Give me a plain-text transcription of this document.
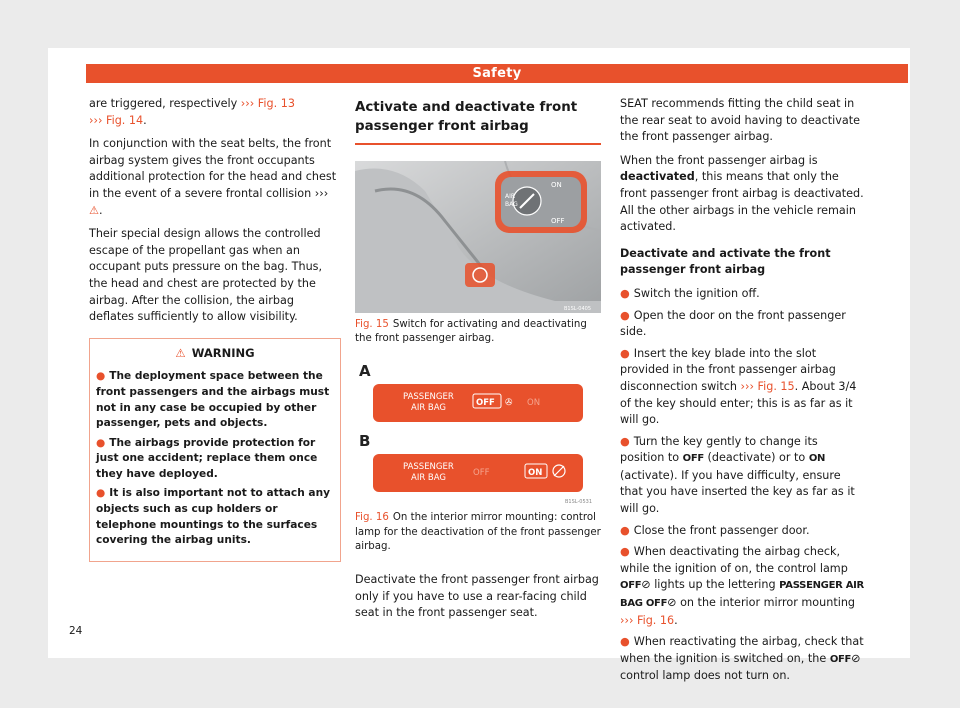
Safety

are triggered, respectively ››› Fig. 13
››› Fig. 14.

In conjunction with the seat belts, the front airbag system gives the front occupants additional protection for the head and chest in the event of a severe frontal collision ››› ⚠.

Their special design allows the controlled escape of the propellant gas when an occupant puts pressure on the bag. Thus, the head and chest are protected by the airbag. After the collision, the airbag deflates sufficiently to allow visibility.

⚠ WARNING
● The deployment space between the front passengers and the airbags must not in any case be occupied by other passenger, pets and objects.
● The airbags provide protection for just one accident; replace them once they have deployed.
● It is also important not to attach any objects such as cup holders or telephone mountings to the surfaces covering the airbag units.
Activate and deactivate front passenger front airbag
AIR
BAG
ON
OFF
B1SL-0405
Fig. 15 Switch for activating and deactivating the front passenger airbag.
A
B
PASSENGER
AIR BAG	OFF ✇ ON
PASSENGER
AIR BAG	OFF	ON
B1SL-0531
Fig. 16 On the interior mirror mounting: control lamp for the deactivation of the front passenger airbag.

Deactivate the front passenger front airbag only if you have to use a rear-facing child seat in the front passenger seat.

SEAT recommends fitting the child seat in the rear seat to avoid having to deactivate the front passenger airbag.

When the front passenger airbag is deactivated, this means that only the front passenger front airbag is deactivated. All the other airbags in the vehicle remain activated.

Deactivate and activate the front passenger front airbag

● Switch the ignition off.
● Open the door on the front passenger side.
● Insert the key blade into the slot provided in the front passenger airbag disconnection switch ››› Fig. 15. About 3/4 of the key should enter; this is as far as it will go.
● Turn the key gently to change its position to OFF (deactivate) or to ON (activate). If you have difficulty, ensure that you have inserted the key as far as it will go.
● Close the front passenger door.
● When deactivating the airbag check, while the ignition of on, the control lamp OFF⊘ lights up the lettering PASSENGER AIR BAG OFF⊘ on the interior mirror mounting ››› Fig. 16.
● When reactivating the airbag, check that when the ignition is switched on, the OFF⊘ control lamp does not turn on.
24
